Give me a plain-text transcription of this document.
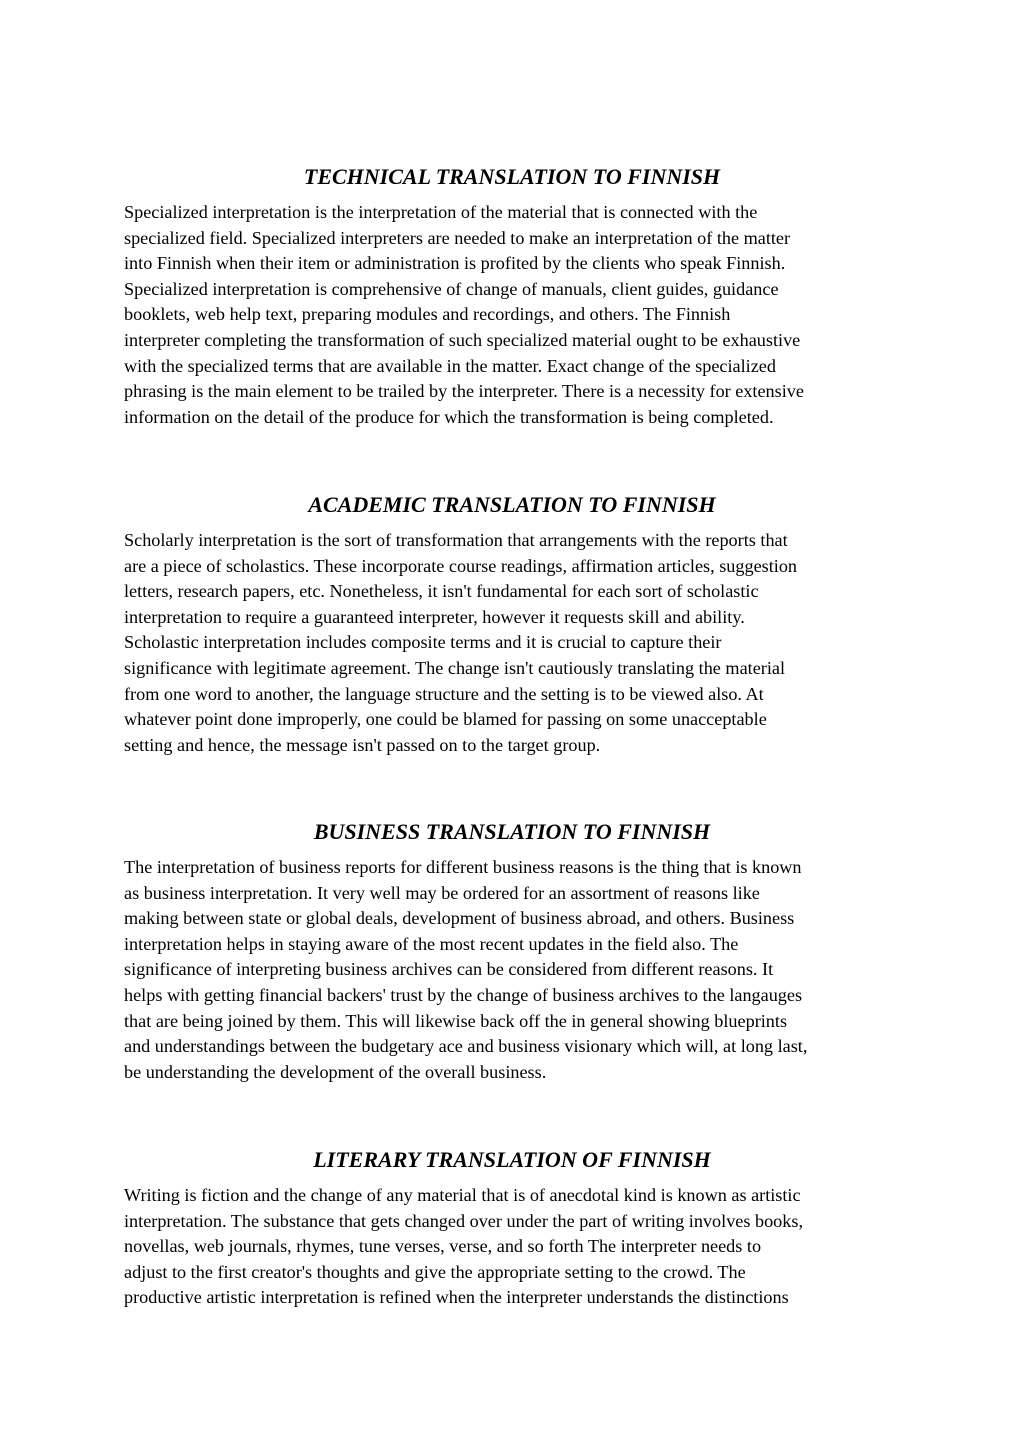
TECHNICAL TRANSLATION TO FINNISH

Specialized interpretation is the interpretation of the material that is connected with the
specialized field. Specialized interpreters are needed to make an interpretation of the matter
into Finnish when their item or administration is profited by the clients who speak Finnish.
Specialized interpretation is comprehensive of change of manuals, client guides, guidance
booklets, web help text, preparing modules and recordings, and others. The Finnish
interpreter completing the transformation of such specialized material ought to be exhaustive
with the specialized terms that are available in the matter. Exact change of the specialized
phrasing is the main element to be trailed by the interpreter. There is a necessity for extensive
information on the detail of the produce for which the transformation is being completed.

ACADEMIC TRANSLATION TO FINNISH

Scholarly interpretation is the sort of transformation that arrangements with the reports that
are a piece of scholastics. These incorporate course readings, affirmation articles, suggestion
letters, research papers, etc. Nonetheless, it isn't fundamental for each sort of scholastic
interpretation to require a guaranteed interpreter, however it requests skill and ability.
Scholastic interpretation includes composite terms and it is crucial to capture their
significance with legitimate agreement. The change isn't cautiously translating the material
from one word to another, the language structure and the setting is to be viewed also. At
whatever point done improperly, one could be blamed for passing on some unacceptable
setting and hence, the message isn't passed on to the target group.

BUSINESS TRANSLATION TO FINNISH

The interpretation of business reports for different business reasons is the thing that is known
as business interpretation. It very well may be ordered for an assortment of reasons like
making between state or global deals, development of business abroad, and others. Business
interpretation helps in staying aware of the most recent updates in the field also. The
significance of interpreting business archives can be considered from different reasons. It
helps with getting financial backers' trust by the change of business archives to the langauges
that are being joined by them. This will likewise back off the in general showing blueprints
and understandings between the budgetary ace and business visionary which will, at long last,
be understanding the development of the overall business.

LITERARY TRANSLATION OF FINNISH

Writing is fiction and the change of any material that is of anecdotal kind is known as artistic
interpretation. The substance that gets changed over under the part of writing involves books,
novellas, web journals, rhymes, tune verses, verse, and so forth The interpreter needs to
adjust to the first creator's thoughts and give the appropriate setting to the crowd. The
productive artistic interpretation is refined when the interpreter understands the distinctions
